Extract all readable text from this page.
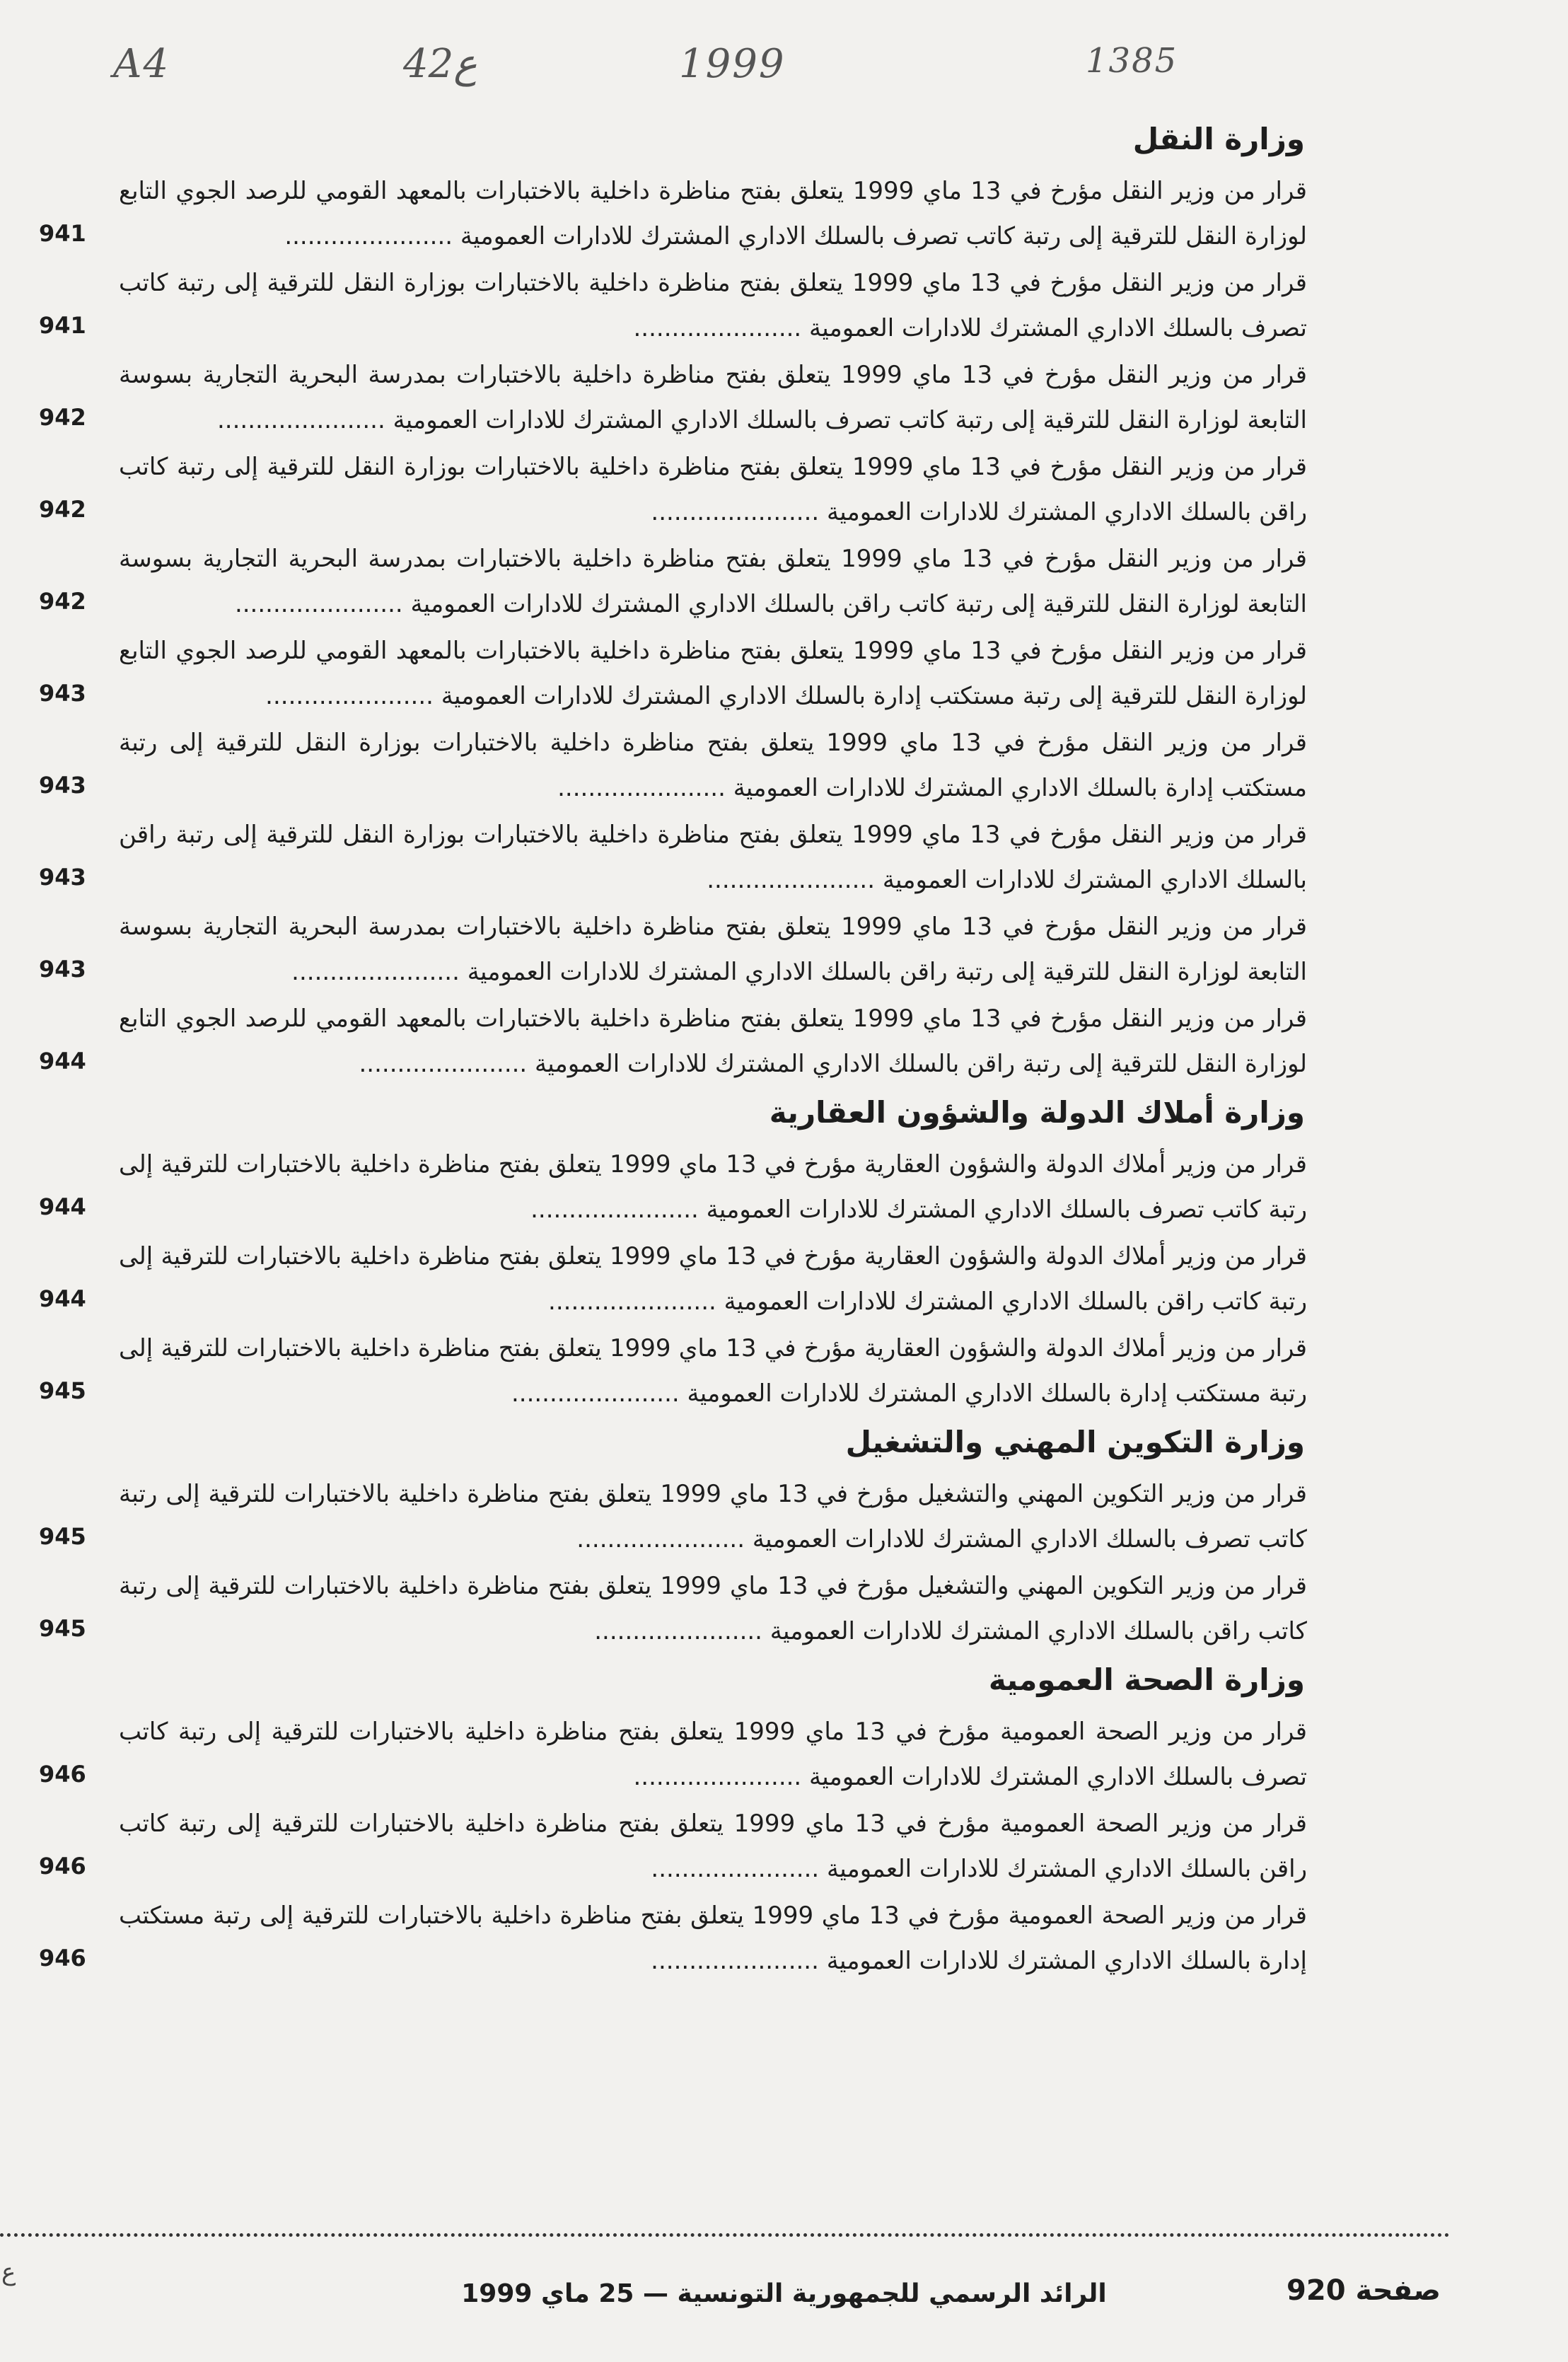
A4	ع42	1999	1385
وزارة النقل
قرار من وزير النقل مؤرخ في 13 ماي 1999 يتعلق بفتح مناظرة داخلية بالاختبارات بالمعهد القومي للرصد الجوي التابع لوزارة النقل للترقية إلى رتبة كاتب تصرف بالسلك الاداري المشترك للادارات العمومية ......................
941
قرار من وزير النقل مؤرخ في 13 ماي 1999 يتعلق بفتح مناظرة داخلية بالاختبارات بوزارة النقل للترقية إلى رتبة كاتب تصرف بالسلك الاداري المشترك للادارات العمومية ......................
941
قرار من وزير النقل مؤرخ في 13 ماي 1999 يتعلق بفتح مناظرة داخلية بالاختبارات بمدرسة البحرية التجارية بسوسة التابعة لوزارة النقل للترقية إلى رتبة كاتب تصرف بالسلك الاداري المشترك للادارات العمومية ......................
942
قرار من وزير النقل مؤرخ في 13 ماي 1999 يتعلق بفتح مناظرة داخلية بالاختبارات بوزارة النقل للترقية إلى رتبة كاتب راقن بالسلك الاداري المشترك للادارات العمومية ......................
942
قرار من وزير النقل مؤرخ في 13 ماي 1999 يتعلق بفتح مناظرة داخلية بالاختبارات بمدرسة البحرية التجارية بسوسة التابعة لوزارة النقل للترقية إلى رتبة كاتب راقن بالسلك الاداري المشترك للادارات العمومية ......................
942
قرار من وزير النقل مؤرخ في 13 ماي 1999 يتعلق بفتح مناظرة داخلية بالاختبارات بالمعهد القومي للرصد الجوي التابع لوزارة النقل للترقية إلى رتبة مستكتب إدارة بالسلك الاداري المشترك للادارات العمومية ......................
943
قرار من وزير النقل مؤرخ في 13 ماي 1999 يتعلق بفتح مناظرة داخلية بالاختبارات بوزارة النقل للترقية إلى رتبة مستكتب إدارة بالسلك الاداري المشترك للادارات العمومية ......................
943
قرار من وزير النقل مؤرخ في 13 ماي 1999 يتعلق بفتح مناظرة داخلية بالاختبارات بوزارة النقل للترقية إلى رتبة راقن بالسلك الاداري المشترك للادارات العمومية ......................
943
قرار من وزير النقل مؤرخ في 13 ماي 1999 يتعلق بفتح مناظرة داخلية بالاختبارات بمدرسة البحرية التجارية بسوسة التابعة لوزارة النقل للترقية إلى رتبة راقن بالسلك الاداري المشترك للادارات العمومية ......................
943
قرار من وزير النقل مؤرخ في 13 ماي 1999 يتعلق بفتح مناظرة داخلية بالاختبارات بالمعهد القومي للرصد الجوي التابع لوزارة النقل للترقية إلى رتبة راقن بالسلك الاداري المشترك للادارات العمومية ......................
944
وزارة أملاك الدولة والشؤون العقارية
قرار من وزير أملاك الدولة والشؤون العقارية مؤرخ في 13 ماي 1999 يتعلق بفتح مناظرة داخلية بالاختبارات للترقية إلى رتبة كاتب تصرف بالسلك الاداري المشترك للادارات العمومية ......................
944
قرار من وزير أملاك الدولة والشؤون العقارية مؤرخ في 13 ماي 1999 يتعلق بفتح مناظرة داخلية بالاختبارات للترقية إلى رتبة كاتب راقن بالسلك الاداري المشترك للادارات العمومية ......................
944
قرار من وزير أملاك الدولة والشؤون العقارية مؤرخ في 13 ماي 1999 يتعلق بفتح مناظرة داخلية بالاختبارات للترقية إلى رتبة مستكتب إدارة بالسلك الاداري المشترك للادارات العمومية ......................
945
وزارة التكوين المهني والتشغيل
قرار من وزير التكوين المهني والتشغيل مؤرخ في 13 ماي 1999 يتعلق بفتح مناظرة داخلية بالاختبارات للترقية إلى رتبة كاتب تصرف بالسلك الاداري المشترك للادارات العمومية ......................
945
قرار من وزير التكوين المهني والتشغيل مؤرخ في 13 ماي 1999 يتعلق بفتح مناظرة داخلية بالاختبارات للترقية إلى رتبة كاتب راقن بالسلك الاداري المشترك للادارات العمومية ......................
945
وزارة الصحة العمومية
قرار من وزير الصحة العمومية مؤرخ في 13 ماي 1999 يتعلق بفتح مناظرة داخلية بالاختبارات للترقية إلى رتبة كاتب تصرف بالسلك الاداري المشترك للادارات العمومية ......................
946
قرار من وزير الصحة العمومية مؤرخ في 13 ماي 1999 يتعلق بفتح مناظرة داخلية بالاختبارات للترقية إلى رتبة كاتب راقن بالسلك الاداري المشترك للادارات العمومية ......................
946
قرار من وزير الصحة العمومية مؤرخ في 13 ماي 1999 يتعلق بفتح مناظرة داخلية بالاختبارات للترقية إلى رتبة مستكتب إدارة بالسلك الاداري المشترك للادارات العمومية ......................
946
ع
الرائد الرسمي للجمهورية التونسية — 25 ماي 1999	صفحة 920
